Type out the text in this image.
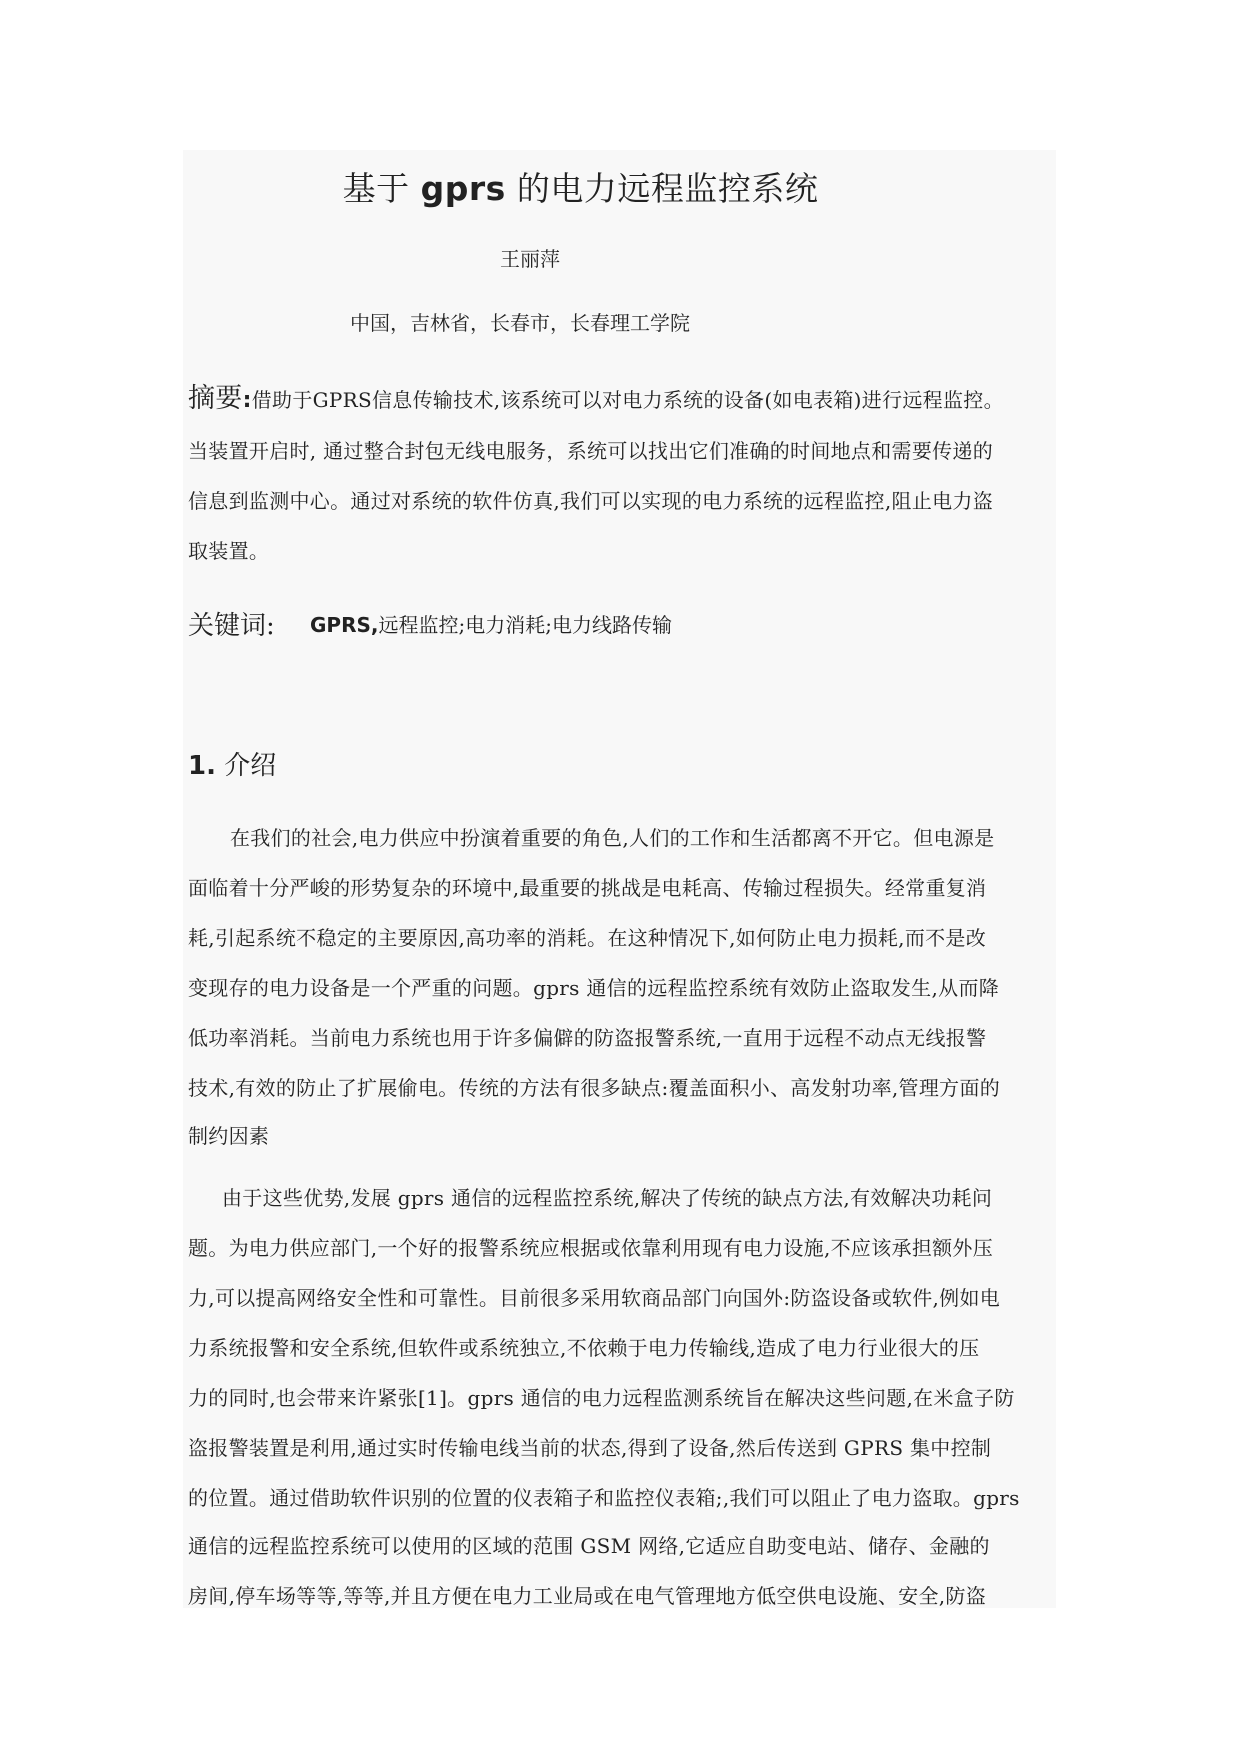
基于 gprs 的电力远程监控系统
王丽萍
中国，吉林省，长春市，长春理工学院
摘要:借助于GPRS信息传输技术,该系统可以对电力系统的设备(如电表箱)进行远程监控。
当装置开启时, 通过整合封包无线电服务，系统可以找出它们准确的时间地点和需要传递的
信息到监测中心。通过对系统的软件仿真,我们可以实现的电力系统的远程监控,阻止电力盗
取装置。
关键词: GPRS,远程监控;电力消耗;电力线路传输
1. 介绍
在我们的社会,电力供应中扮演着重要的角色,人们的工作和生活都离不开它。但电源是
面临着十分严峻的形势复杂的环境中,最重要的挑战是电耗高、传输过程损失。经常重复消
耗,引起系统不稳定的主要原因,高功率的消耗。在这种情况下,如何防止电力损耗,而不是改
变现存的电力设备是一个严重的问题。gprs 通信的远程监控系统有效防止盗取发生,从而降
低功率消耗。当前电力系统也用于许多偏僻的防盗报警系统,一直用于远程不动点无线报警
技术,有效的防止了扩展偷电。传统的方法有很多缺点:覆盖面积小、高发射功率,管理方面的
制约因素
由于这些优势,发展 gprs 通信的远程监控系统,解决了传统的缺点方法,有效解决功耗问
题。为电力供应部门,一个好的报警系统应根据或依靠利用现有电力设施,不应该承担额外压
力,可以提高网络安全性和可靠性。目前很多采用软商品部门向国外:防盗设备或软件,例如电
力系统报警和安全系统,但软件或系统独立,不依赖于电力传输线,造成了电力行业很大的压
力的同时,也会带来许紧张[1]。gprs 通信的电力远程监测系统旨在解决这些问题,在米盒子防
盗报警装置是利用,通过实时传输电线当前的状态,得到了设备,然后传送到 GPRS 集中控制
的位置。通过借助软件识别的位置的仪表箱子和监控仪表箱;,我们可以阻止了电力盗取。gprs
通信的远程监控系统可以使用的区域的范围 GSM 网络,它适应自助变电站、储存、金融的
房间,停车场等等,等等,并且方便在电力工业局或在电气管理地方低空供电设施、安全,防盗
